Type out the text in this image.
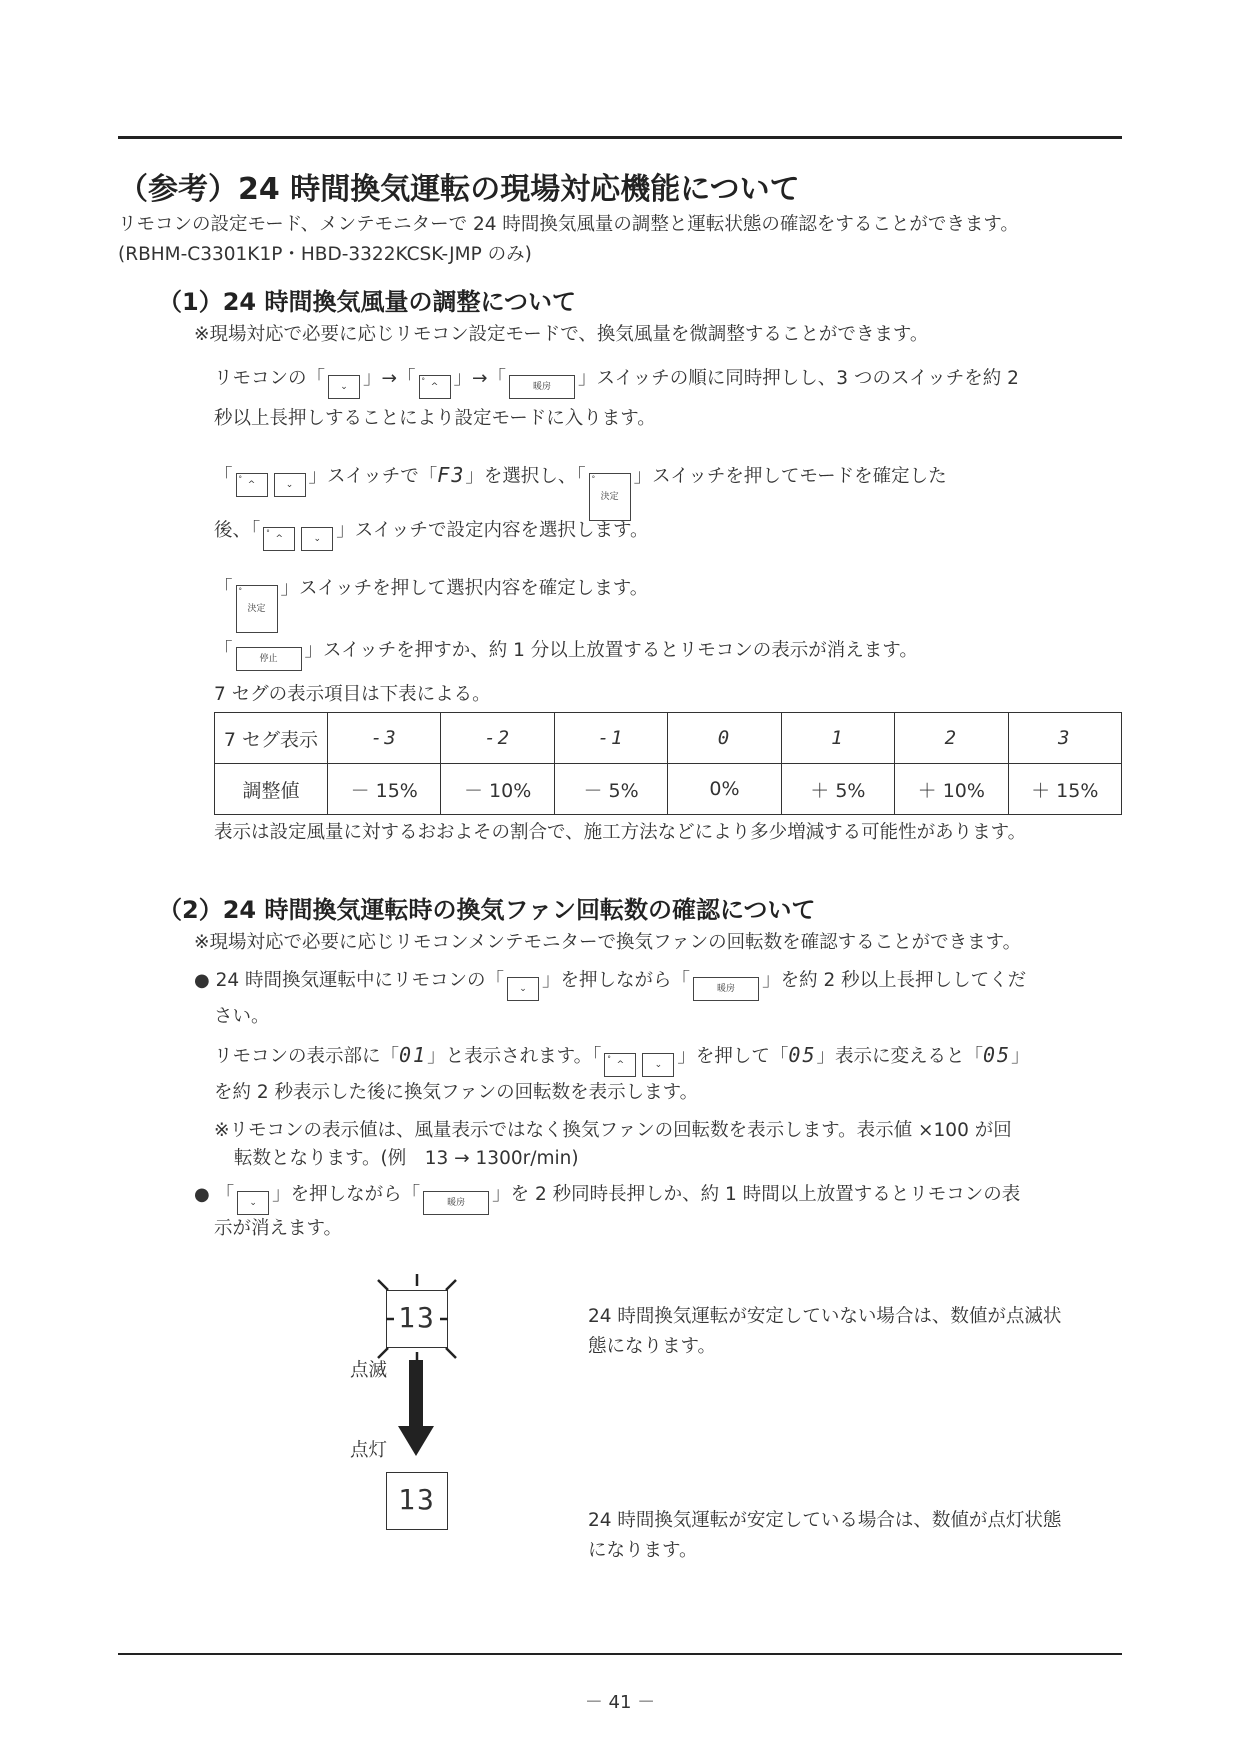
（参考）24 時間換気運転の現場対応機能について
リモコンの設定モード、メンテモニターで 24 時間換気風量の調整と運転状態の確認をすることができます。
(RBHM-C3301K1P・HBD-3322KCSK-JMP のみ)
（1）24 時間換気風量の調整について
※現場対応で必要に応じリモコン設定モードで、換気風量を微調整することができます。
リモコンの「 ⌄ 」→「 °
^ 」→「	暖房 」スイッチの順に同時押しし、3 つのスイッチを約 2
秒以上長押しすることにより設定モードに入ります。
「 °
^	⌄ 」スイッチで「F3」を選択し、「 °
決定」スイッチを押してモードを確定した
後、「 °
^	⌄ 」スイッチで設定内容を選択します。
「 °
決定」スイッチを押して選択内容を確定します。
「	停止 」スイッチを押すか、約 1 分以上放置するとリモコンの表示が消えます。
7 セグの表示項目は下表による。
7 セグ表示	-3	-2	-1	0	1	2	3
調整値	－ 15%	－ 10%	－ 5%	0%	＋ 5%	＋ 10%	＋ 15%
表示は設定風量に対するおおよその割合で、施工方法などにより多少増減する可能性があります。
（2）24 時間換気運転時の換気ファン回転数の確認について
※現場対応で必要に応じリモコンメンテモニターで換気ファンの回転数を確認することができます。
● 24 時間換気運転中にリモコンの「 ⌄ 」を押しながら「	暖房 」を約 2 秒以上長押ししてくだ
さい。
リモコンの表示部に「01」と表示されます。「 °
^	⌄ 」を押して「05」表示に変えると「05」
を約 2 秒表示した後に換気ファンの回転数を表示します。
※リモコンの表示値は、風量表示ではなく換気ファンの回転数を表示します。表示値 ×100 が回
転数となります。(例　13 → 1300r/min)
● 「 ⌄ 」を押しながら「	暖房 」を 2 秒同時長押しか、約 1 時間以上放置するとリモコンの表
示が消えます。
13
点滅
点灯
13
24 時間換気運転が安定していない場合は、数値が点滅状
態になります。
24 時間換気運転が安定している場合は、数値が点灯状態
になります。
－ 41 －
